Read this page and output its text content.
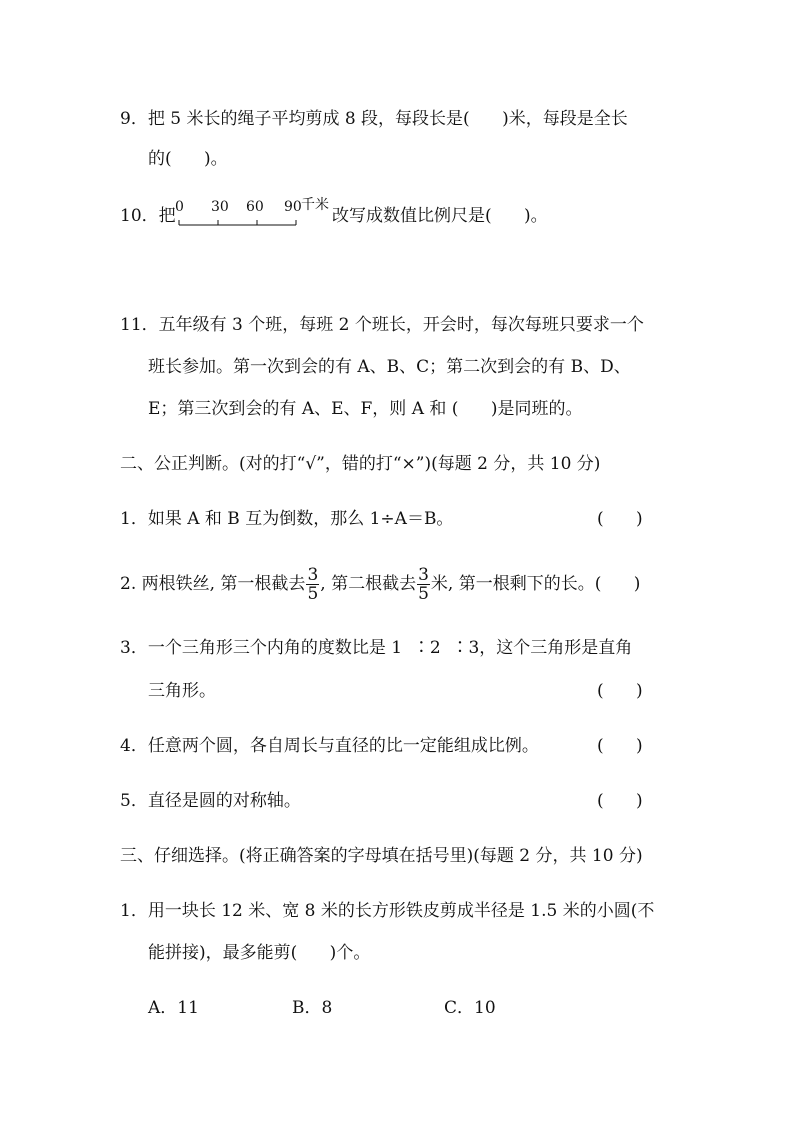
9．把 5 米长的绳子平均剪成 8 段，每段长是(      )米，每段是全长
的(      )。
10．把 0 30 60 90 千米
改写成数值比例尺是(      )。
11．五年级有 3 个班，每班 2 个班长，开会时，每次每班只要求一个
班长参加。第一次到会的有 A、B、C；第二次到会的有 B、D、
E；第三次到会的有 A、E、F，则 A 和 (      )是同班的。
二、公正判断。(对的打“√”，错的打“×”)(每题 2 分，共 10 分)
1．如果 A 和 B 互为倒数，那么 1÷A＝B。	(      )
2. 两根铁丝, 第一根截去 $\frac{3}{5}$ , 第二根截去 $\frac{3}{5}$ 米, 第一根剩下的长。(      )
3．一个三角形三个内角的度数比是 1  ∶2  ∶3，这个三角形是直角
三角形。	(      )
4．任意两个圆，各自周长与直径的比一定能组成比例。	(      )
5．直径是圆的对称轴。	(      )
三、仔细选择。(将正确答案的字母填在括号里)(每题 2 分，共 10 分)
1．用一块长 12 米、宽 8 米的长方形铁皮剪成半径是 1.5 米的小圆(不
能拼接)，最多能剪(      )个。
A．11	B．8	C．10
